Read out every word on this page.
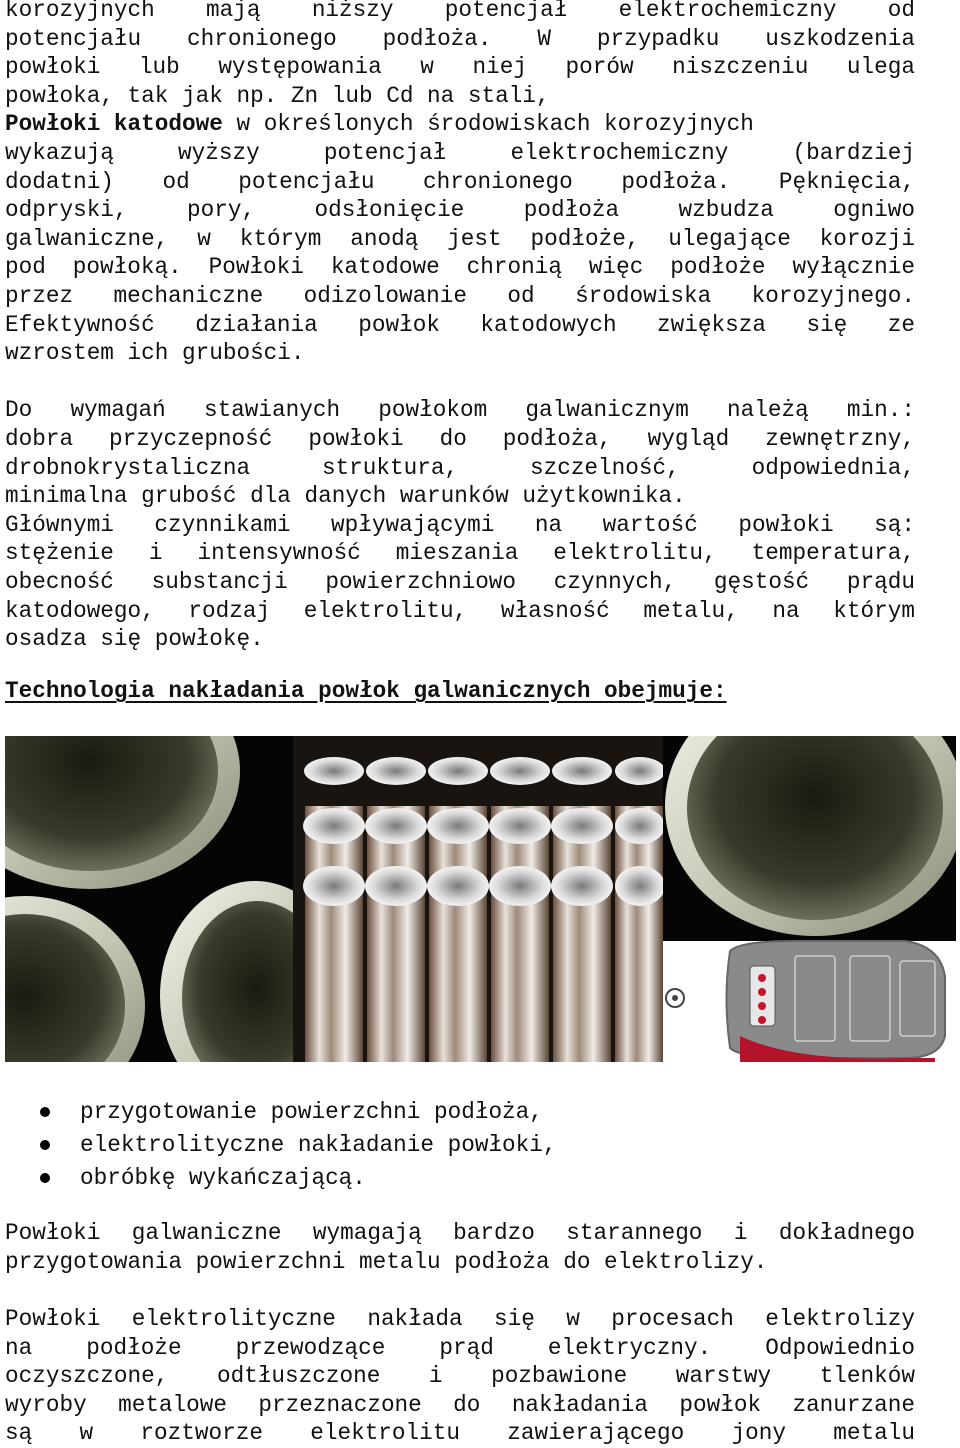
korozyjnych mają niższy potencjał elektrochemiczny od
potencjału chronionego podłoża. W przypadku uszkodzenia
powłoki lub występowania w niej porów niszczeniu ulega
powłoka, tak jak np. Zn lub Cd na stali,

Powłoki katodowe w określonych środowiskach korozyjnych
wykazują wyższy potencjał elektrochemiczny (bardziej
dodatni) od potencjału chronionego podłoża. Pęknięcia,
odpryski, pory, odsłonięcie podłoża wzbudza ogniwo
galwaniczne, w którym anodą jest podłoże, ulegające korozji
pod powłoką. Powłoki katodowe chronią więc podłoże wyłącznie
przez mechaniczne odizolowanie od środowiska korozyjnego.
Efektywność działania powłok katodowych zwiększa się ze
wzrostem ich grubości.

Do wymagań stawianych powłokom galwanicznym należą min.:
dobra przyczepność powłoki do podłoża, wygląd zewnętrzny,
drobnokrystaliczna struktura, szczelność, odpowiednia,
minimalna grubość dla danych warunków użytkownika.
Głównymi czynnikami wpływającymi na wartość powłoki są:
stężenie i intensywność mieszania elektrolitu, temperatura,
obecność substancji powierzchniowo czynnych, gęstość prądu
katodowego, rodzaj elektrolitu, własność metalu, na którym
osadza się powłokę.

Technologia nakładania powłok galwanicznych obejmuje:
przygotowanie powierzchni podłoża,
elektrolityczne nakładanie powłoki,
obróbkę wykańczającą.

Powłoki galwaniczne wymagają bardzo starannego i dokładnego
przygotowania powierzchni metalu podłoża do elektrolizy.

Powłoki elektrolityczne nakłada się w procesach elektrolizy
na podłoże przewodzące prąd elektryczny. Odpowiednio
oczyszczone, odtłuszczone i pozbawione warstwy tlenków
wyroby metalowe przeznaczone do nakładania powłok zanurzane
są w roztworze elektrolitu zawierającego jony metalu
